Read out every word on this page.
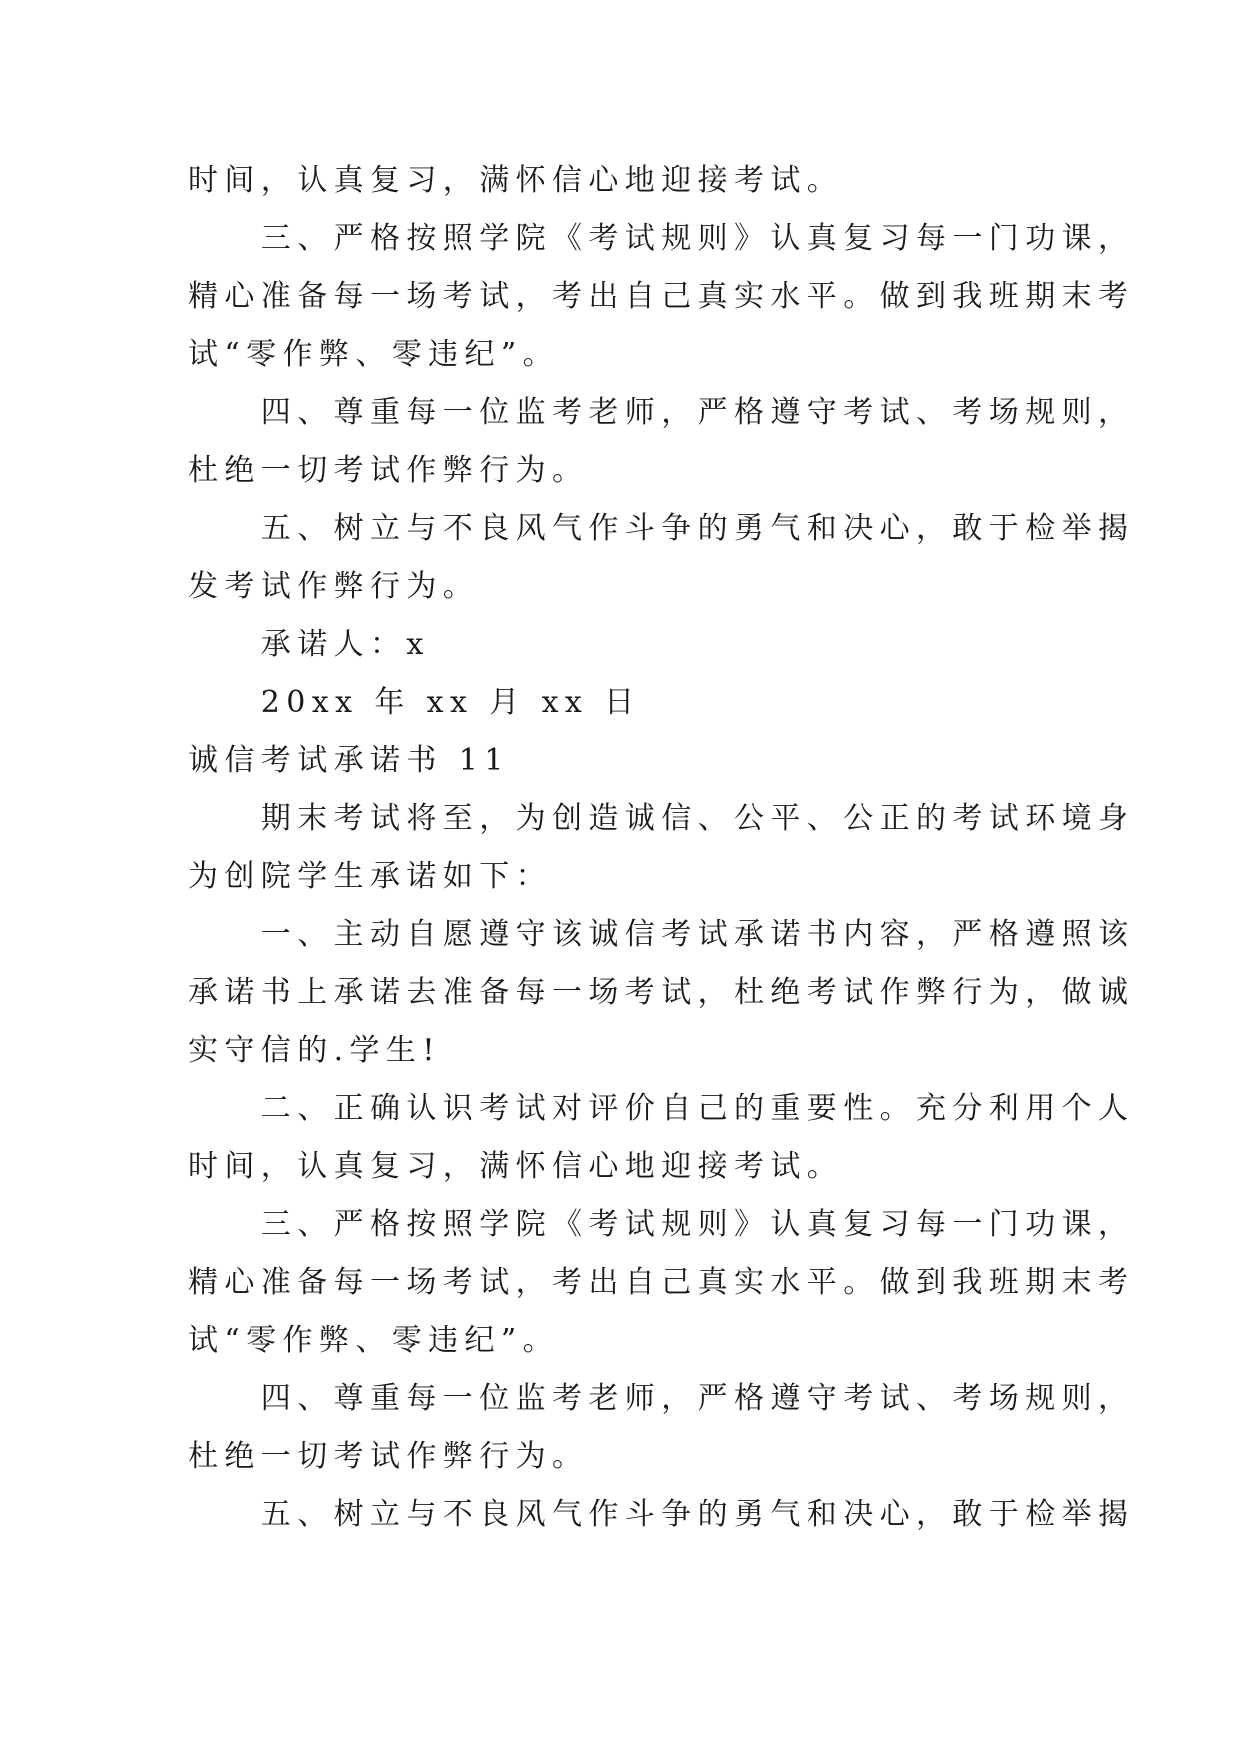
时间，认真复习，满怀信心地迎接考试。

　　三、严格按照学院《考试规则》认真复习每一门功课，

精心准备每一场考试，考出自己真实水平。做到我班期末考

试“零作弊、零违纪”。

　　四、尊重每一位监考老师，严格遵守考试、考场规则，

杜绝一切考试作弊行为。

　　五、树立与不良风气作斗争的勇气和决心，敢于检举揭

发考试作弊行为。

　　承诺人：x

　　20xx 年 xx 月 xx 日

诚信考试承诺书 11

　　期末考试将至，为创造诚信、公平、公正的考试环境身

为创院学生承诺如下：

　　一、主动自愿遵守该诚信考试承诺书内容，严格遵照该

承诺书上承诺去准备每一场考试，杜绝考试作弊行为，做诚

实守信的.学生!

　　二、正确认识考试对评价自己的重要性。充分利用个人

时间，认真复习，满怀信心地迎接考试。

　　三、严格按照学院《考试规则》认真复习每一门功课，

精心准备每一场考试，考出自己真实水平。做到我班期末考

试“零作弊、零违纪”。

　　四、尊重每一位监考老师，严格遵守考试、考场规则，

杜绝一切考试作弊行为。

　　五、树立与不良风气作斗争的勇气和决心，敢于检举揭
